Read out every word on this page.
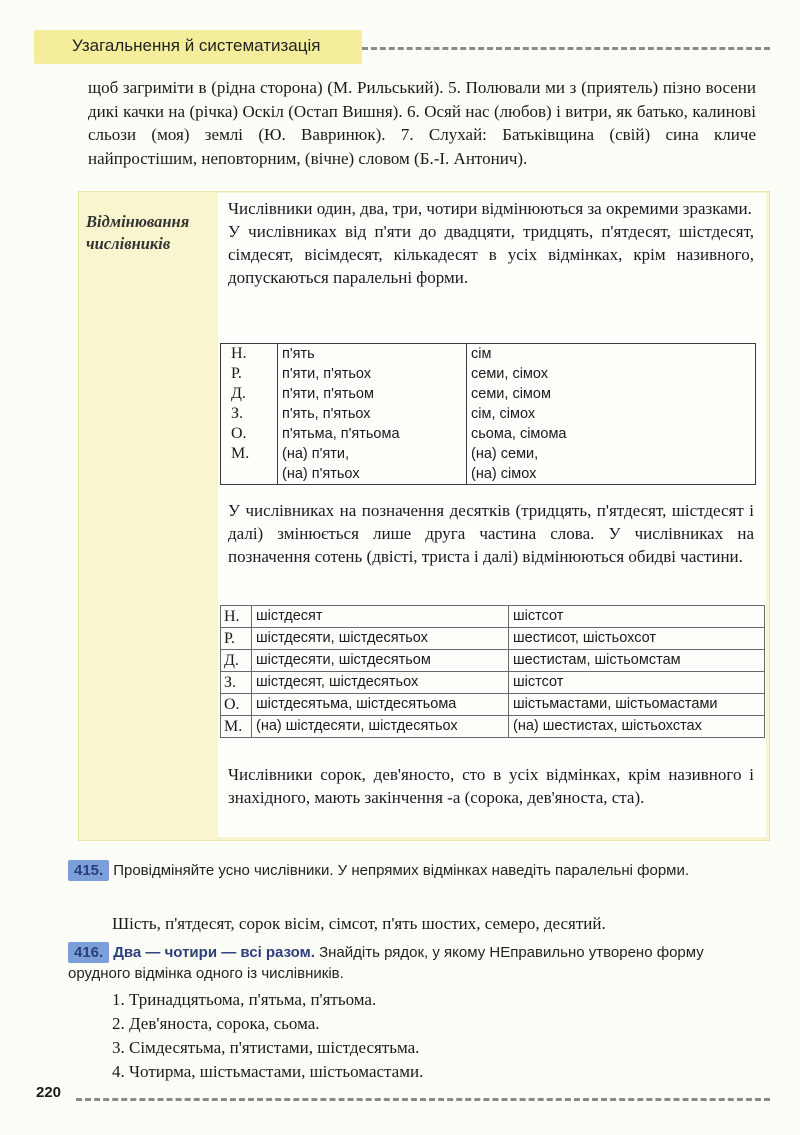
Узагальнення й систематизація

щоб загриміти в (рідна сторона) (М. Рильський). 5. Полювали ми з (приятель) пізно восени дикі качки на (річка) Оскіл (Остап Вишня). 6. Осяй нас (любов) і витри, як батько, калинові сльози (моя) землі (Ю. Вавринюк). 7. Слухай: Батьківщина (свій) сина кличе найпростішим, неповторним, (вічне) словом (Б.-І. Антонич).

Відмінювання числівників

Числівники один, два, три, чотири відмінюються за окремими зразками.

У числівниках від п'яти до двадцяти, тридцять, п'ятдесят, шістдесят, сімдесят, вісімдесят, кількадесят в усіх відмінках, крім називного, допускаються паралельні форми.

Н.	п'ять	сім
Р.	п'яти, п'ятьох	семи, сімох
Д.	п'яти, п'ятьом	семи, сімом
З.	п'ять, п'ятьох	сім, сімох
О.	п'ятьма, п'ятьома	сьома, сімома
М.	(на) п'яти,	(на) семи,
	(на) п'ятьох	(на) сімох

У числівниках на позначення десятків (тридцять, п'ятдесят, шістдесят і далі) змінюється лише друга частина слова. У числівниках на позначення сотень (двісті, триста і далі) відмінюються обидві частини.

Н.	шістдесят	шістсот
Р.	шістдесяти, шістдесятьох	шестисот, шістьохсот
Д.	шістдесяти, шістдесятьом	шестистам, шістьомстам
З.	шістдесят, шістдесятьох	шістсот
О.	шістдесятьма, шістдесятьома	шістьмастами, шістьомастами
М.	(на) шістдесяти, шістдесятьох	(на) шестистах, шістьохстах

Числівники сорок, дев'яносто, сто в усіх відмінках, крім називного і знахідного, мають закінчення -а (сорока, дев'яноста, ста).

415. Провідміняйте усно числівники. У непрямих відмінках наведіть паралельні форми.

Шість, п'ятдесят, сорок вісім, сімсот, п'ять шостих, семеро, десятий.

416. Два — чотири — всі разом. Знайдіть рядок, у якому НЕправильно утворено форму орудного відмінка одного із числівників.

1. Тринадцятьома, п'ятьма, п'ятьома.
2. Дев'яноста, сорока, сьома.
3. Сімдесятьма, п'ятистами, шістдесятьма.
4. Чотирма, шістьмастами, шістьомастами.
220
